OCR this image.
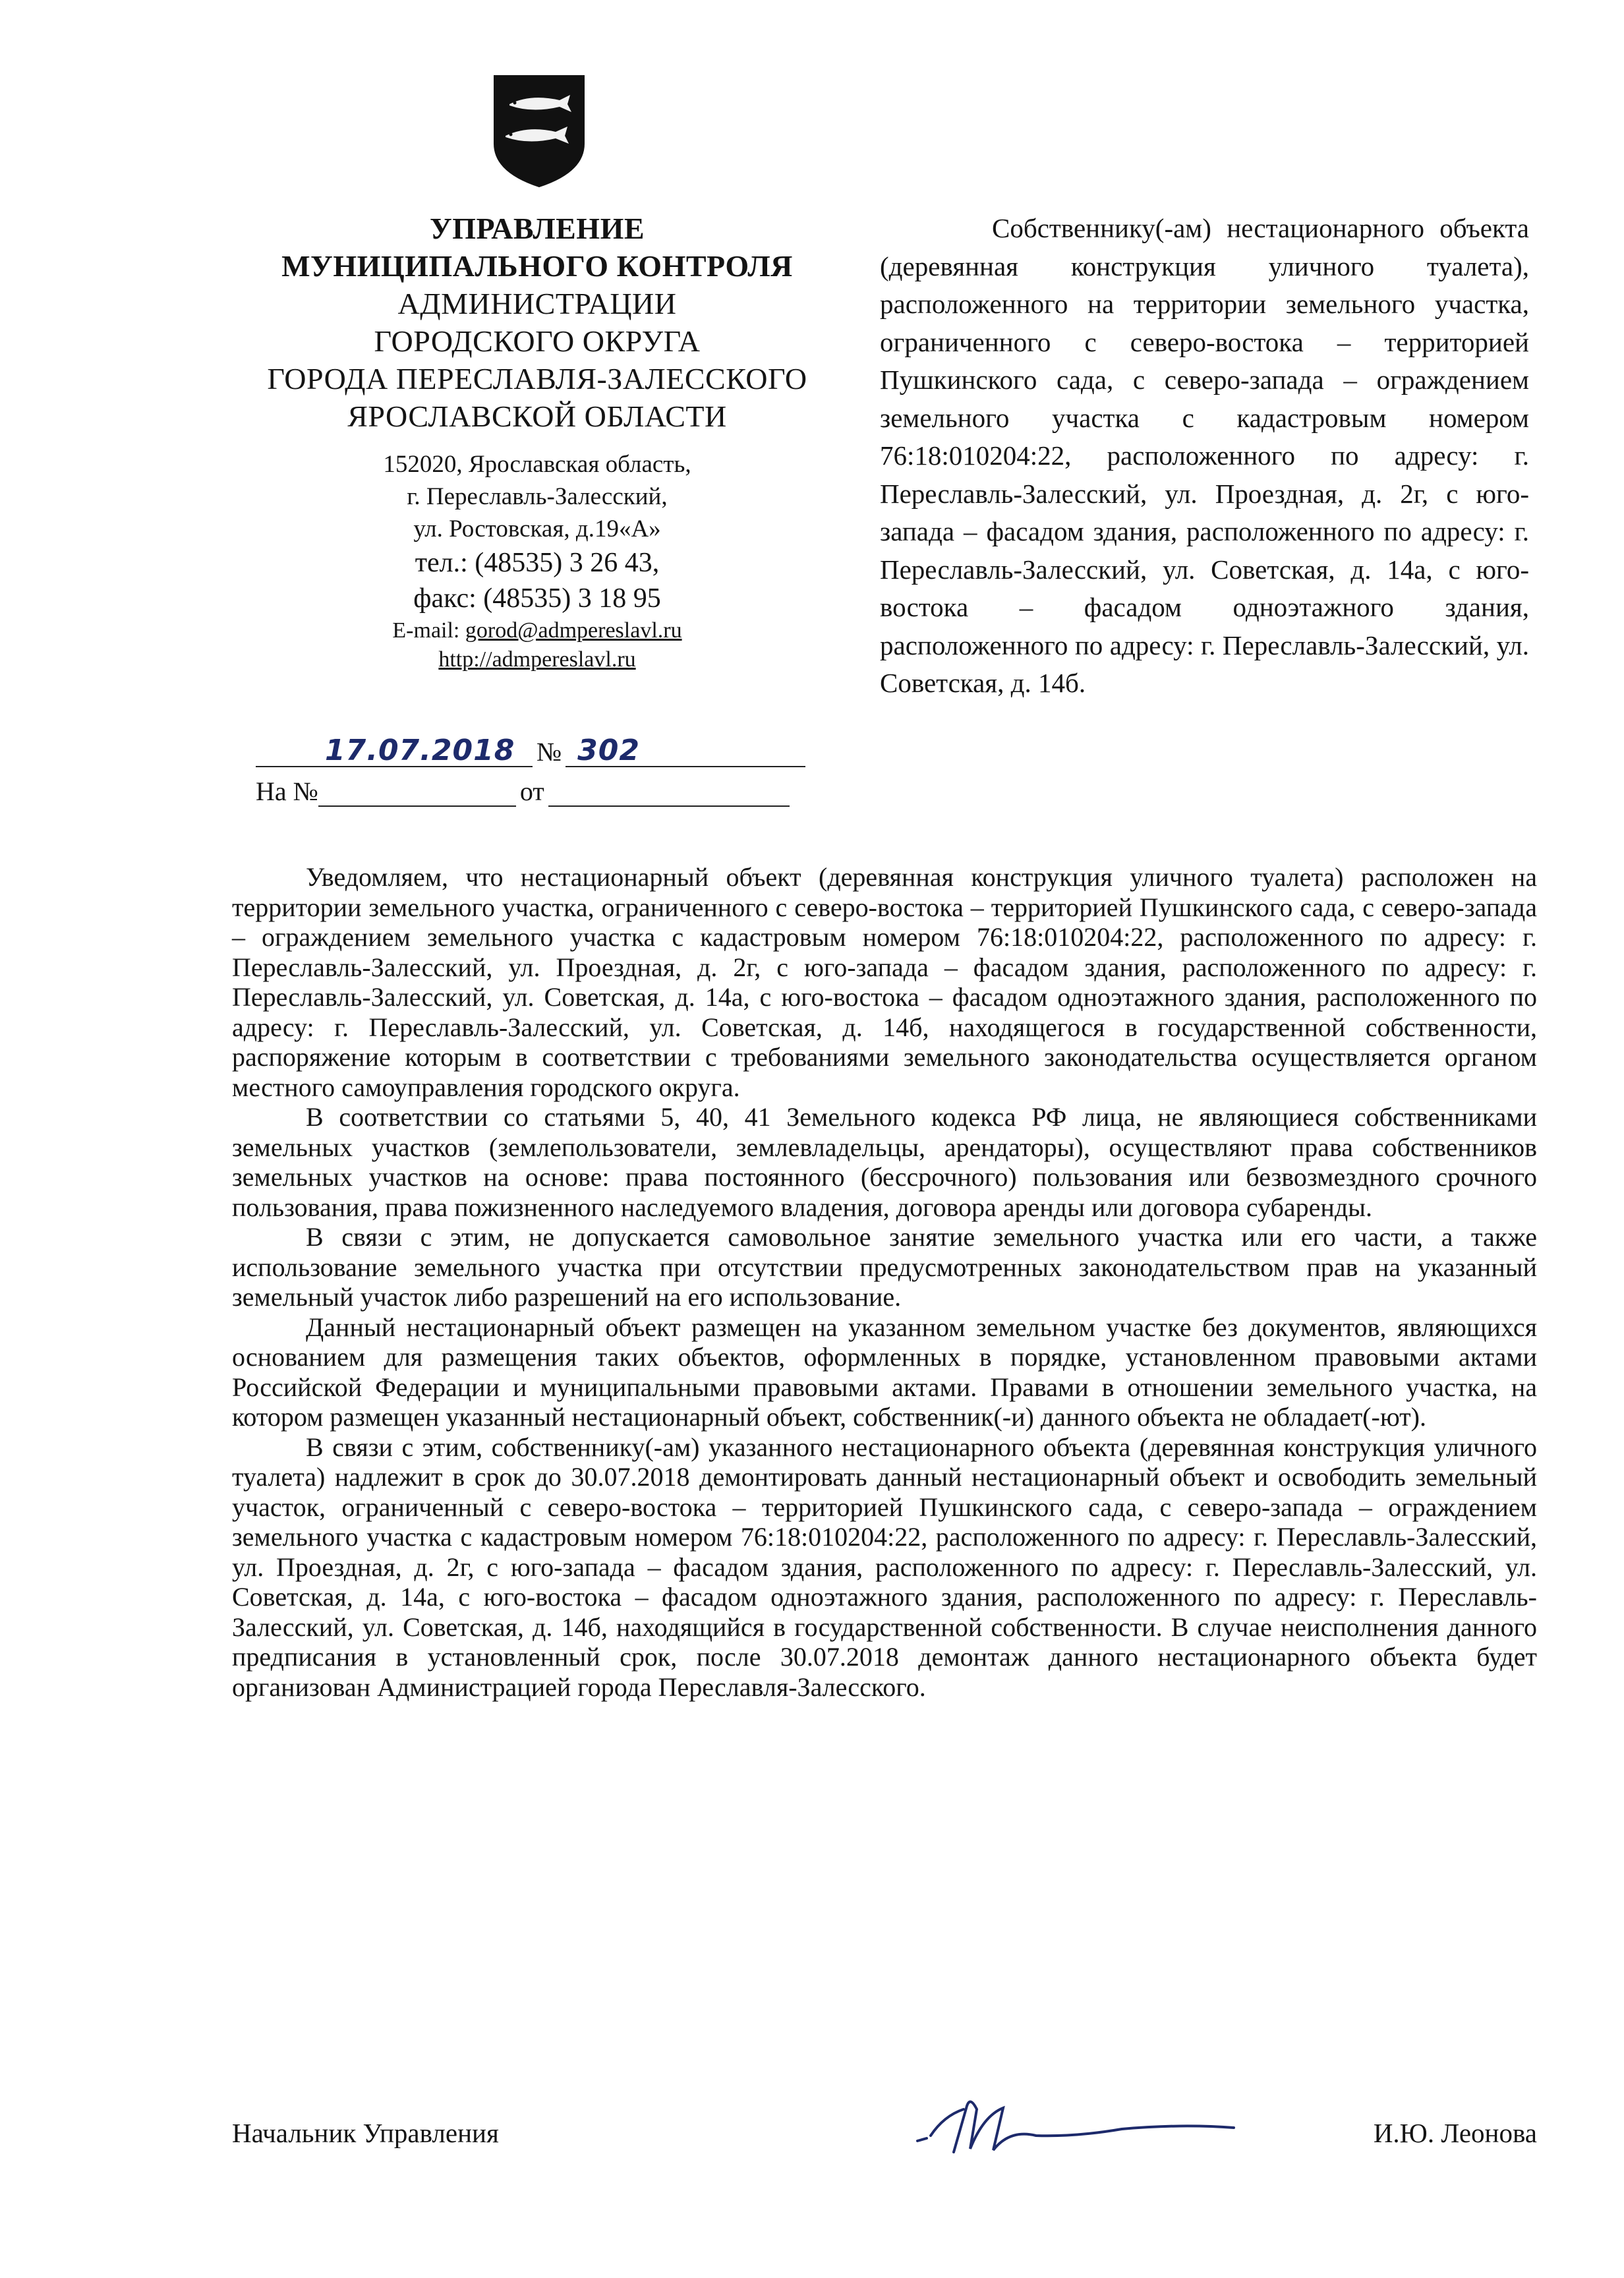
УПРАВЛЕНИЕ
МУНИЦИПАЛЬНОГО КОНТРОЛЯ
АДМИНИСТРАЦИИ
ГОРОДСКОГО ОКРУГА
ГОРОДА ПЕРЕСЛАВЛЯ-ЗАЛЕССКОГО
ЯРОСЛАВСКОЙ ОБЛАСТИ
152020, Ярославская область,
г. Переславль-Залесский,
ул. Ростовская, д.19«А»
тел.: (48535) 3 26 43,
факс: (48535) 3 18 95
E-mail: gorod@admpereslavl.ru
http://admpereslavl.ru
17.07.2018 № 302
На №	от

Собственнику(-ам) нестационарного объекта (деревянная конструкция уличного туалета), расположенного на территории земельного участка, ограниченного с северо-востока – территорией Пушкинского сада, с северо-запада – ограждением земельного участка с кадастровым номером 76:18:010204:22, расположенного по адресу: г. Переславль-Залесский, ул. Проездная, д. 2г, с юго-запада – фасадом здания, расположенного по адресу: г. Переславль-Залесский, ул. Советская, д. 14а, с юго-востока – фасадом одноэтажного здания, расположенного по адресу: г. Переславль-Залесский, ул. Советская, д. 14б.

Уведомляем, что нестационарный объект (деревянная конструкция уличного туалета) расположен на территории земельного участка, ограниченного с северо-востока – территорией Пушкинского сада, с северо-запада – ограждением земельного участка с кадастровым номером 76:18:010204:22, расположенного по адресу: г. Переславль-Залесский, ул. Проездная, д. 2г, с юго-запада – фасадом здания, расположенного по адресу: г. Переславль-Залесский, ул. Советская, д. 14а, с юго-востока – фасадом одноэтажного здания, расположенного по адресу: г. Переславль-Залесский, ул. Советская, д. 14б, находящегося в государственной собственности, распоряжение которым в соответствии с требованиями земельного законодательства осуществляется органом местного самоуправления городского округа.

В соответствии со статьями 5, 40, 41 Земельного кодекса РФ лица, не являющиеся собственниками земельных участков (землепользователи, землевладельцы, арендаторы), осуществляют права собственников земельных участков на основе: права постоянного (бессрочного) пользования или безвозмездного срочного пользования, права пожизненного наследуемого владения, договора аренды или договора субаренды.

В связи с этим, не допускается самовольное занятие земельного участка или его части, а также использование земельного участка при отсутствии предусмотренных законодательством прав на указанный земельный участок либо разрешений на его использование.

Данный нестационарный объект размещен на указанном земельном участке без документов, являющихся основанием для размещения таких объектов, оформленных в порядке, установленном правовыми актами Российской Федерации и муниципальными правовыми актами. Правами в отношении земельного участка, на котором размещен указанный нестационарный объект, собственник(-и) данного объекта не обладает(-ют).

В связи с этим, собственнику(-ам) указанного нестационарного объекта (деревянная конструкция уличного туалета) надлежит в срок до 30.07.2018 демонтировать данный нестационарный объект и освободить земельный участок, ограниченный с северо-востока – территорией Пушкинского сада, с северо-запада – ограждением земельного участка с кадастровым номером 76:18:010204:22, расположенного по адресу: г. Переславль-Залесский, ул. Проездная, д. 2г, с юго-запада – фасадом здания, расположенного по адресу: г. Переславль-Залесский, ул. Советская, д. 14а, с юго-востока – фасадом одноэтажного здания, расположенного по адресу: г. Переславль-Залесский, ул. Советская, д. 14б, находящийся в государственной собственности. В случае неисполнения данного предписания в установленный срок, после 30.07.2018 демонтаж данного нестационарного объекта будет организован Администрацией города Переславля-Залесского.

Начальник Управления	И.Ю. Леонова
